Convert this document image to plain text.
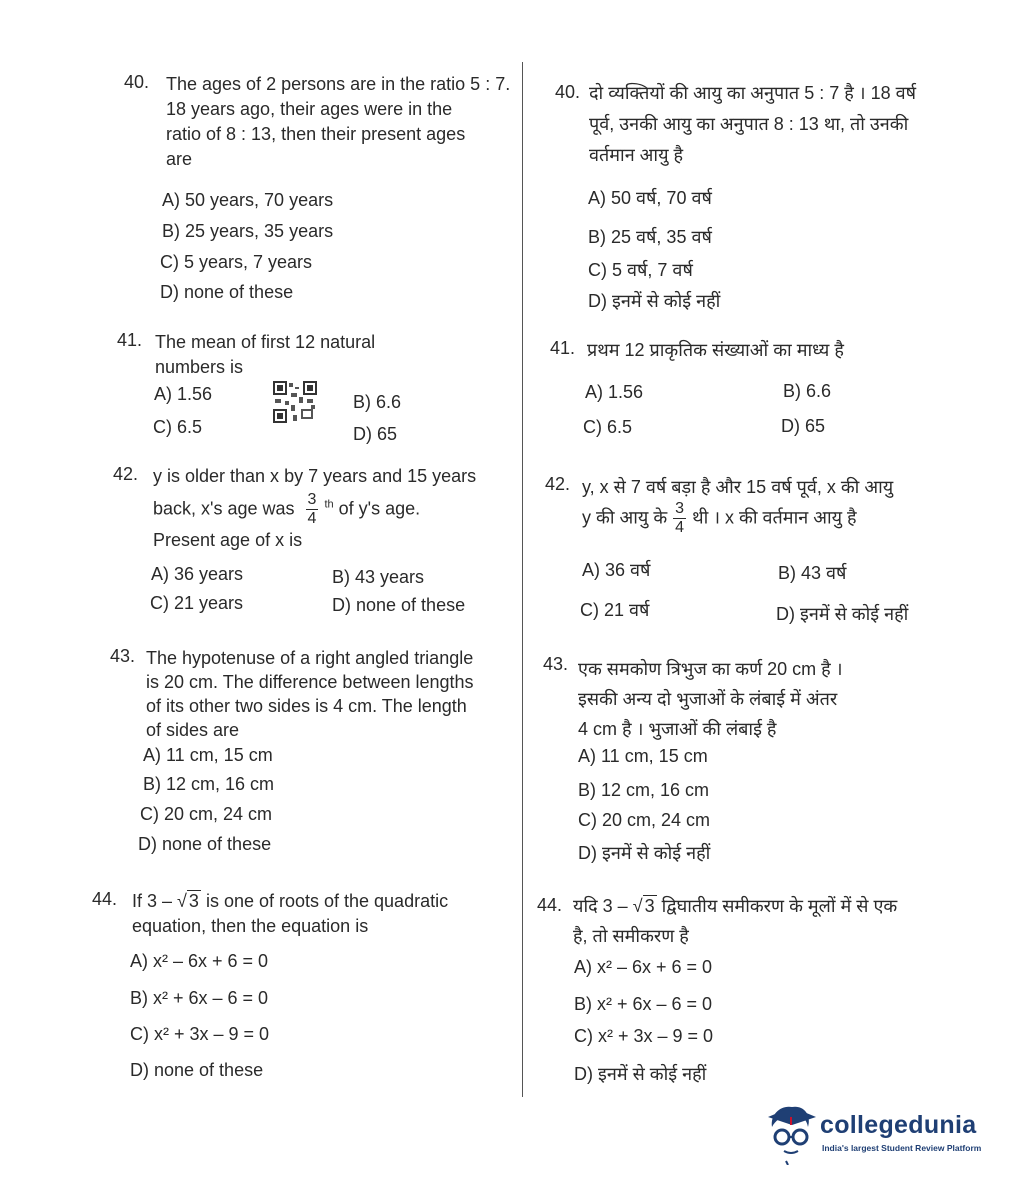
40. The ages of 2 persons are in the ratio 5 : 7.
18 years ago, their ages were in the
ratio of 8 : 13, then their present ages
are
A) 50 years, 70 years
B) 25 years, 35 years
C) 5 years, 7 years
D) none of these
41. The mean of first 12 natural
numbers is
A) 1.56	B) 6.6
C) 6.5	D) 65
42. y is older than x by 7 years and 15 years
back, x's age was $\frac{3}{4} ^{th}$ of y's age.
Present age of x is
A) 36 years	B) 43 years
C) 21 years	D) none of these
43. The hypotenuse of a right angled triangle
is 20 cm. The difference between lengths
of its other two sides is 4 cm. The length
of sides are
A) 11 cm, 15 cm
B) 12 cm, 16 cm
C) 20 cm, 24 cm
D) none of these
44. If 3 – √ 3 is one of roots of the quadratic
equation, then the equation is
A) x² – 6x + 6 = 0
B) x² + 6x – 6 = 0
C) x² + 3x – 9 = 0
D) none of these
40. दो व्यक्तियों की आयु का अनुपात 5 : 7 है । 18 वर्ष
पूर्व, उनकी आयु का अनुपात 8 : 13 था, तो उनकी
वर्तमान आयु है
A) 50 वर्ष, 70 वर्ष
B) 25 वर्ष, 35 वर्ष
C) 5 वर्ष, 7 वर्ष
D) इनमें से कोई नहीं
41. प्रथम 12 प्राकृतिक संख्याओं का माध्य है
A) 1.56	B) 6.6
C) 6.5	D) 65
42. y, x से 7 वर्ष बड़ा है और 15 वर्ष पूर्व, x की आयु
y की आयु के $\frac{3}{4}$ थी । x की वर्तमान आयु है
A) 36 वर्ष	B) 43 वर्ष
C) 21 वर्ष	D) इनमें से कोई नहीं
43. एक समकोण त्रिभुज का कर्ण 20 cm है ।
इसकी अन्य दो भुजाओं के लंबाई में अंतर
4 cm है । भुजाओं की लंबाई है
A) 11 cm, 15 cm
B) 12 cm, 16 cm
C) 20 cm, 24 cm
D) इनमें से कोई नहीं
44. यदि 3 – √ 3 द्विघातीय समीकरण के मूलों में से एक
है, तो समीकरण है
A) x² – 6x + 6 = 0
B) x² + 6x – 6 = 0
C) x² + 3x – 9 = 0
D) इनमें से कोई नहीं
collegedunia
India's largest Student Review Platform
